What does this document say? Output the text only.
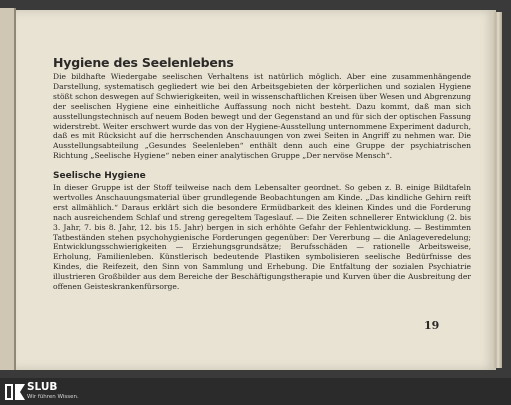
Hygiene des Seelenlebens
Die bildhafte Wiedergabe seelischen Verhaltens ist natürlich möglich. Aber eine zusammenhängende Darstellung, systematisch gegliedert wie bei den Arbeitsgebieten der körperlichen und sozialen Hygiene stößt schon deswegen auf Schwierigkeiten, weil in wissenschaftlichen Kreisen über Wesen und Abgrenzung der seelischen Hygiene eine einheitliche Auffassung noch nicht besteht. Dazu kommt, daß man sich ausstellungstechnisch auf neuem Boden bewegt und der Gegenstand an und für sich der optischen Fassung widerstrebt. Weiter erschwert wurde das von der Hygiene-Ausstellung unternommene Experiment dadurch, daß es mit Rücksicht auf die herrschenden Anschauungen von zwei Seiten in Angriff zu nehmen war. Die Ausstellungsabteilung „Gesundes Seelenleben“ enthält denn auch eine Gruppe der psychiatrischen Richtung „Seelische Hygiene“ neben einer analytischen Gruppe „Der nervöse Mensch“.
Seelische Hygiene
In dieser Gruppe ist der Stoff teilweise nach dem Lebensalter geordnet. So geben z. B. einige Bildtafeln wertvolles Anschauungsmaterial über grundlegende Beobachtungen am Kinde. „Das kindliche Gehirn reift erst allmählich.“ Daraus erklärt sich die besondere Ermüdbarkeit des kleinen Kindes und die Forderung nach ausreichendem Schlaf und streng geregeltem Tageslauf. — Die Zeiten schnellerer Entwicklung (2. bis 3. Jahr, 7. bis 8. Jahr, 12. bis 15. Jahr) bergen in sich erhöhte Gefahr der Fehlentwicklung. — Bestimmten Tatbeständen stehen psychohygienische Forderungen gegenüber: Der Vererbung — die Anlageveredelung; Entwicklungsschwierigkeiten — Erziehungsgrundsätze; Berufsschäden — rationelle Arbeitsweise, Erholung, Familienleben. Künstlerisch bedeutende Plastiken symbolisieren seelische Bedürfnisse des Kindes, die Reifezeit, den Sinn von Sammlung und Erhebung. Die Entfaltung der sozialen Psychiatrie illustrieren Großbilder aus dem Bereiche der Beschäftigungstherapie und Kurven über die Ausbreitung der offenen Geisteskrankenfürsorge.
19
SLUB
Wir führen Wissen.
